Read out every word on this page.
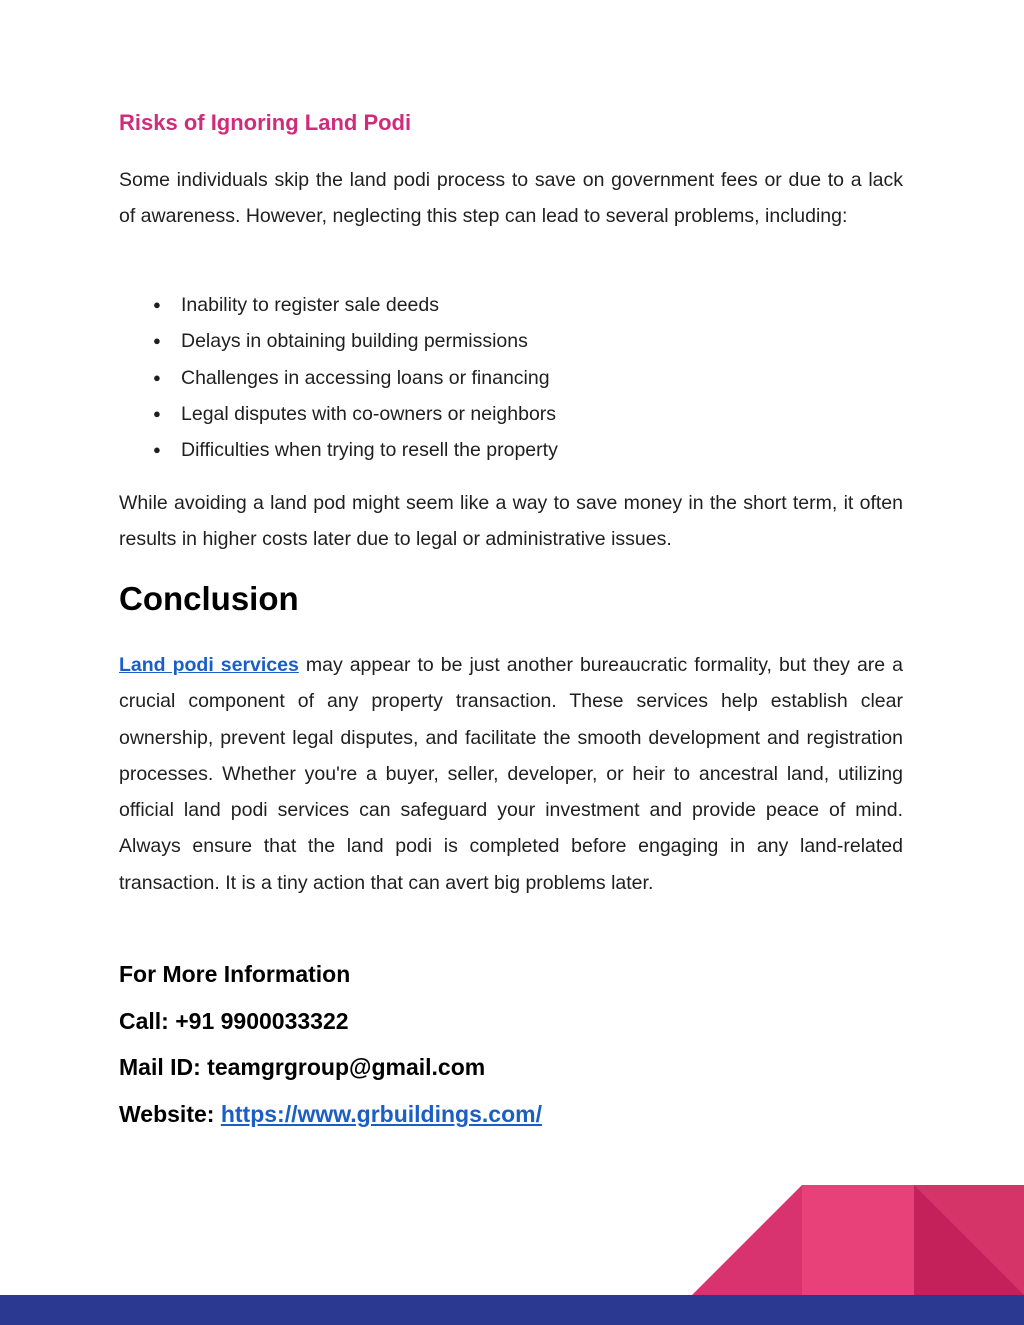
Risks of Ignoring Land Podi

Some individuals skip the land podi process to save on government fees or due to a lack of awareness. However, neglecting this step can lead to several problems, including:

● Inability to register sale deeds
● Delays in obtaining building permissions
● Challenges in accessing loans or financing
● Legal disputes with co-owners or neighbors
● Difficulties when trying to resell the property

While avoiding a land pod might seem like a way to save money in the short term, it often results in higher costs later due to legal or administrative issues.

Conclusion

Land podi services may appear to be just another bureaucratic formality, but they are a crucial component of any property transaction. These services help establish clear ownership, prevent legal disputes, and facilitate the smooth development and registration processes. Whether you're a buyer, seller, developer, or heir to ancestral land, utilizing official land podi services can safeguard your investment and provide peace of mind. Always ensure that the land podi is completed before engaging in any land-related transaction. It is a tiny action that can avert big problems later.

For More Information
Call: +91 9900033322
Mail ID: teamgrgroup@gmail.com
Website: https://www.grbuildings.com/
